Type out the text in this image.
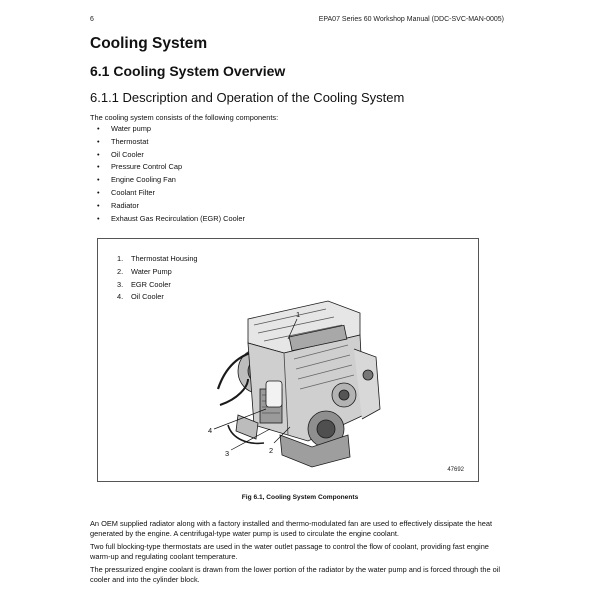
6	EPA07 Series 60 Workshop Manual (DDC-SVC-MAN-0005)
Cooling System
6.1 Cooling System Overview
6.1.1 Description and Operation of the Cooling System

The cooling system consists of the following components:

• Water pump
• Thermostat
• Oil Cooler
• Pressure Control Cap
• Engine Cooling Fan
• Coolant Filter
• Radiator
• Exhaust Gas Recirculation (EGR) Cooler
1. Thermostat Housing
2. Water Pump
3. EGR Cooler
4. Oil Cooler
1
2
3
4
47692
Fig 6.1, Cooling System Components

An OEM supplied radiator along with a factory installed and thermo-modulated fan are used to effectively dissipate the heat generated by the engine. A centrifugal-type water pump is used to circulate the engine coolant.

Two full blocking-type thermostats are used in the water outlet passage to control the flow of coolant, providing fast engine warm-up and regulating coolant temperature.

The pressurized engine coolant is drawn from the lower portion of the radiator by the water pump and is forced through the oil cooler and into the cylinder block.
